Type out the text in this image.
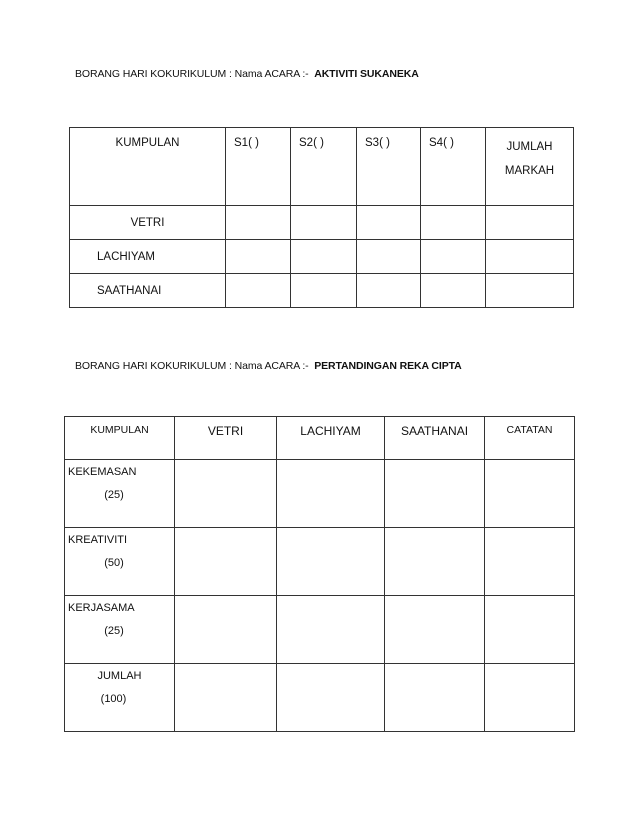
BORANG HARI KOKURIKULUM : Nama ACARA :- AKTIVITI SUKANEKA
KUMPULAN	S1( )	S2( )	S3( )	S4( )	JUMLAH
MARKAH

VETRI					
LACHIYAM					
SAATHANAI					
BORANG HARI KOKURIKULUM : Nama ACARA :- PERTANDINGAN REKA CIPTA
KUMPULAN	VETRI	LACHIYAM	SAATHANAI	CATATAN

KEKEMASAN
(25)				

KREATIVITI
(50)				

KERJASAMA
(25)				

JUMLAH
(100)				
